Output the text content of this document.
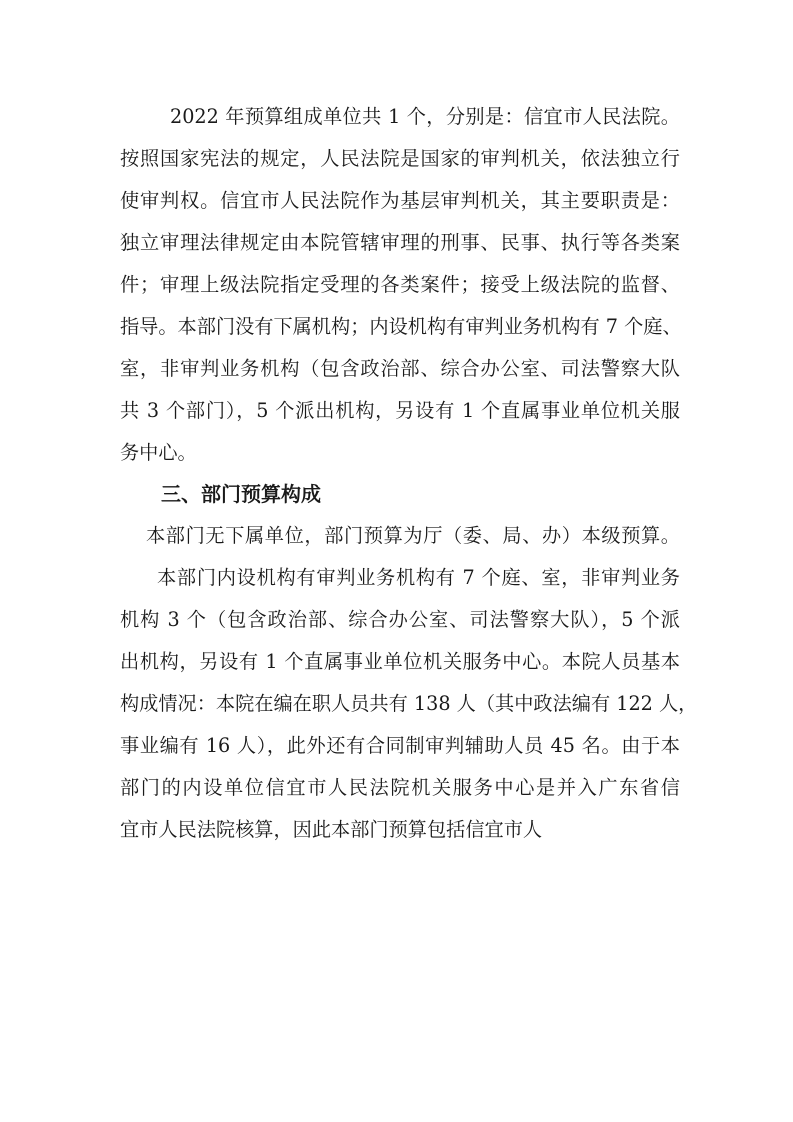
2022 年预算组成单位共 1 个，分别是：信宜市人民法院。
按照国家宪法的规定，人民法院是国家的审判机关，依法独立行
使审判权。信宜市人民法院作为基层审判机关，其主要职责是：
独立审理法律规定由本院管辖审理的刑事、民事、执行等各类案
件；审理上级法院指定受理的各类案件；接受上级法院的监督、
指导。本部门没有下属机构；内设机构有审判业务机构有 7 个庭、
室，非审判业务机构（包含政治部、综合办公室、司法警察大队
共 3 个部门），5 个派出机构，另设有 1 个直属事业单位机关服
务中心。
三、部门预算构成
本部门无下属单位，部门预算为厅（委、局、办）本级预算。
本部门内设机构有审判业务机构有 7 个庭、室，非审判业务
机构 3 个（包含政治部、综合办公室、司法警察大队），5 个派
出机构，另设有 1 个直属事业单位机关服务中心。本院人员基本
构成情况：本院在编在职人员共有 138 人（其中政法编有 122 人，
事业编有 16 人），此外还有合同制审判辅助人员 45 名。由于本
部门的内设单位信宜市人民法院机关服务中心是并入广东省信
宜市人民法院核算，因此本部门预算包括信宜市人
